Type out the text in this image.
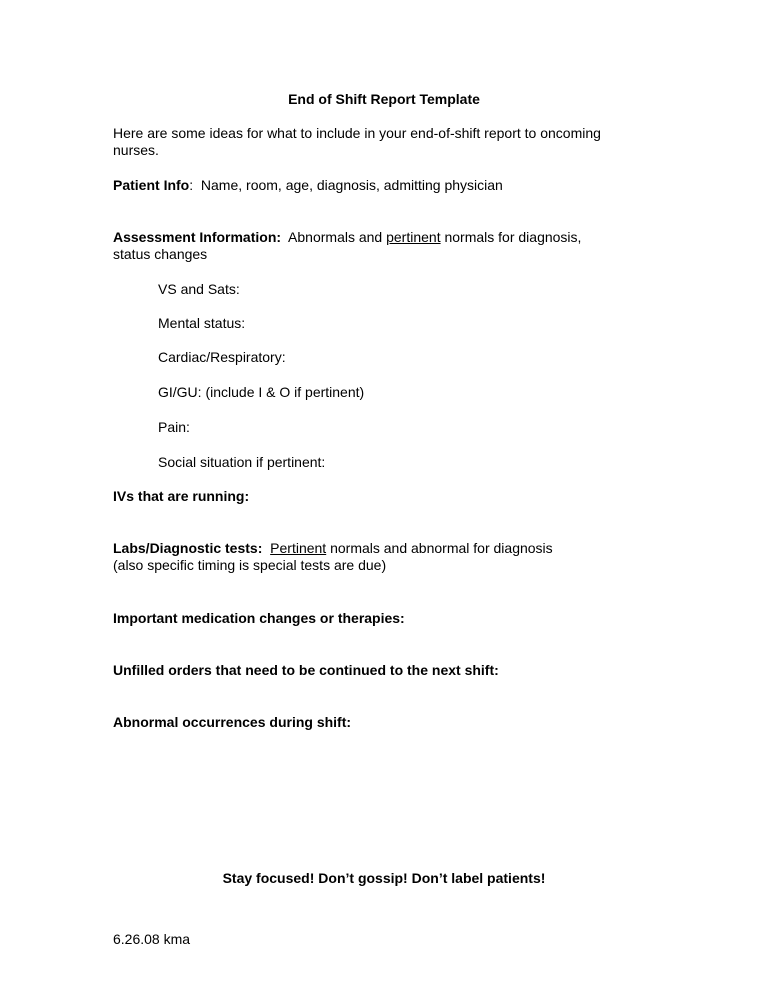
End of Shift Report Template
Here are some ideas for what to include in your end-of-shift report to oncoming
nurses.
Patient Info:  Name, room, age, diagnosis, admitting physician
Assessment Information:  Abnormals and pertinent normals for diagnosis,
status changes
VS and Sats:
Mental status:
Cardiac/Respiratory:
GI/GU: (include I & O if pertinent)
Pain:
Social situation if pertinent:
IVs that are running:
Labs/Diagnostic tests: Pertinent normals and abnormal for diagnosis
(also specific timing is special tests are due)
Important medication changes or therapies:
Unfilled orders that need to be continued to the next shift:
Abnormal occurrences during shift:
Stay focused! Don’t gossip! Don’t label patients!
6.26.08 kma
